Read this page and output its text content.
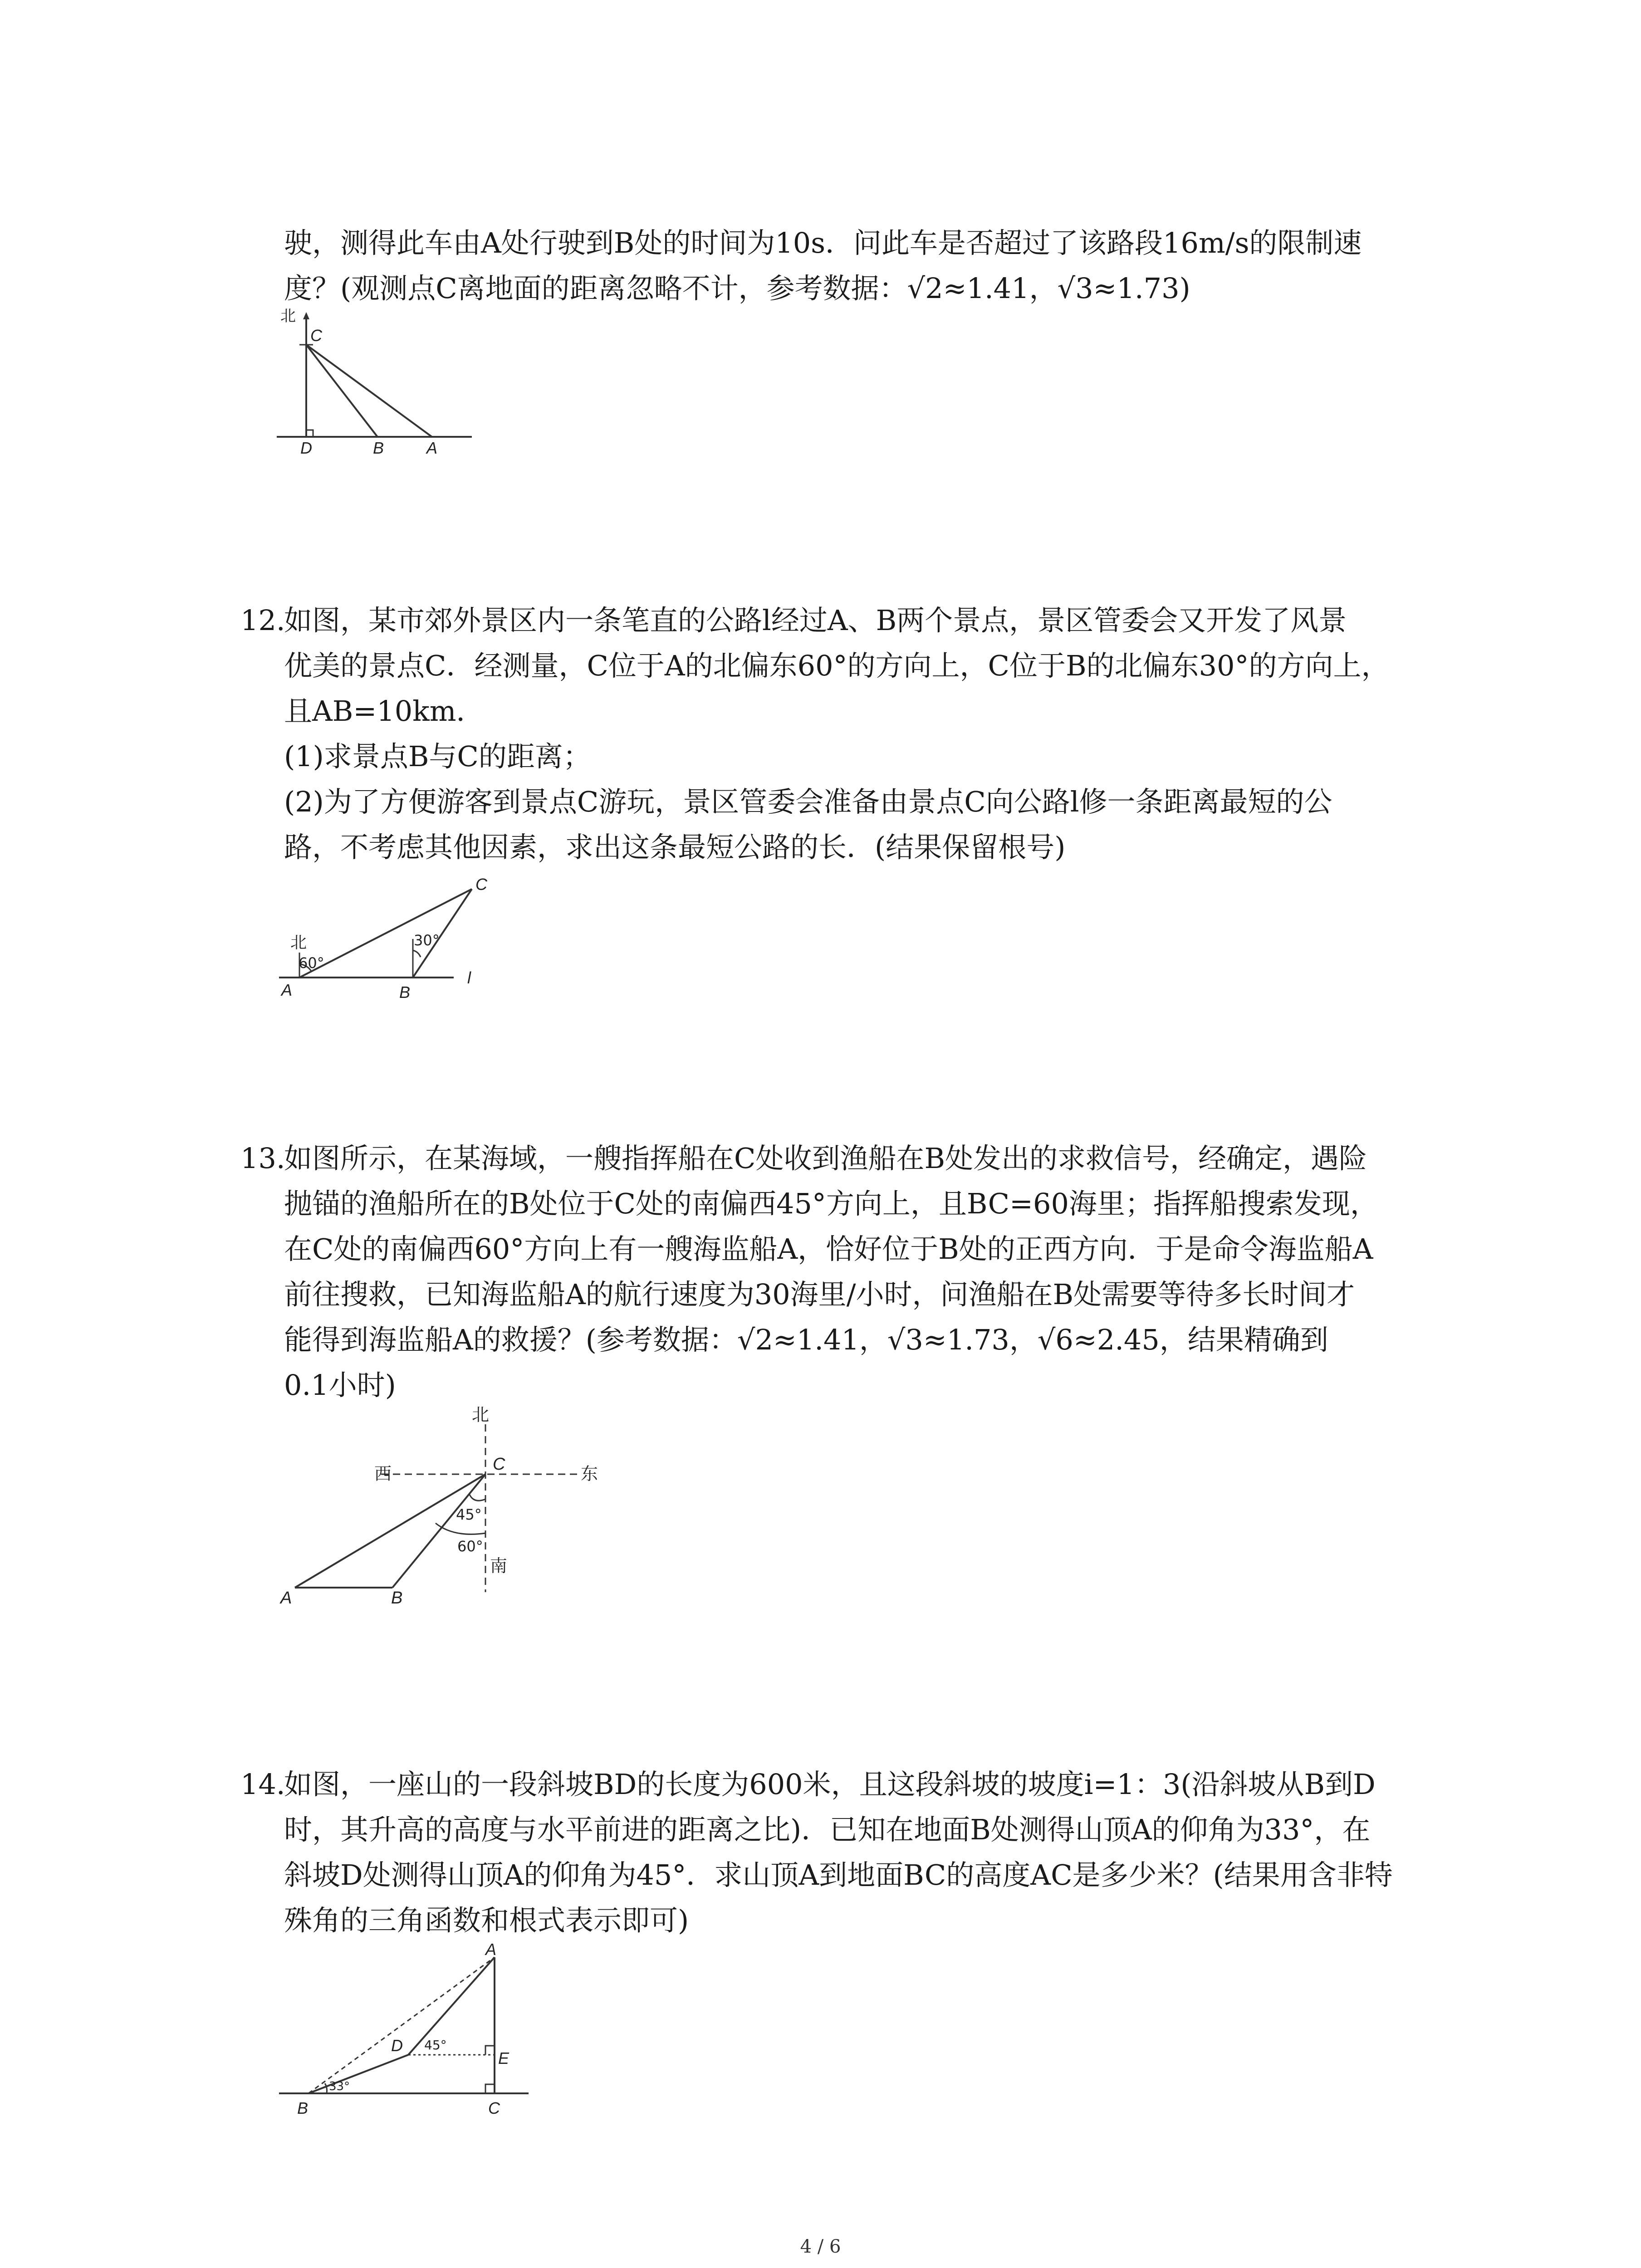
驶，测得此车由A处行驶到B处的时间为10s．问此车是否超过了该路段16m/s的限制速
度？(观测点C离地面的距离忽略不计，参考数据：√2≈1.41，√3≈1.73)
北
C
D	B	A
12.
如图，某市郊外景区内一条笔直的公路l经过A、B两个景点，景区管委会又开发了风景
优美的景点C．经测量，C位于A的北偏东60°的方向上，C位于B的北偏东30°的方向上，
且AB=10km．
(1)求景点B与C的距离；
(2)为了方便游客到景点C游玩，景区管委会准备由景点C向公路l修一条距离最短的公
路，不考虑其他因素，求出这条最短公路的长．(结果保留根号)
北
60°
30°
C
A	B
l
13.
如图所示，在某海域，一艘指挥船在C处收到渔船在B处发出的求救信号，经确定，遇险
抛锚的渔船所在的B处位于C处的南偏西45°方向上，且BC=60海里；指挥船搜索发现，
在C处的南偏西60°方向上有一艘海监船A，恰好位于B处的正西方向．于是命令海监船A
前往搜救，已知海监船A的航行速度为30海里/小时，问渔船在B处需要等待多长时间才
能得到海监船A的救援？(参考数据：√2≈1.41，√3≈1.73，√6≈2.45，结果精确到
0.1小时)
北
西	东
南
C
45°
60°
A	B
14.
如图，一座山的一段斜坡BD的长度为600米，且这段斜坡的坡度i=1：3(沿斜坡从B到D
时，其升高的高度与水平前进的距离之比)．已知在地面B处测得山顶A的仰角为33°，在
斜坡D处测得山顶A的仰角为45°．求山顶A到地面BC的高度AC是多少米？(结果用含非特
殊角的三角函数和根式表示即可)
A
D 45°
E
33°
B	C
4 / 6
